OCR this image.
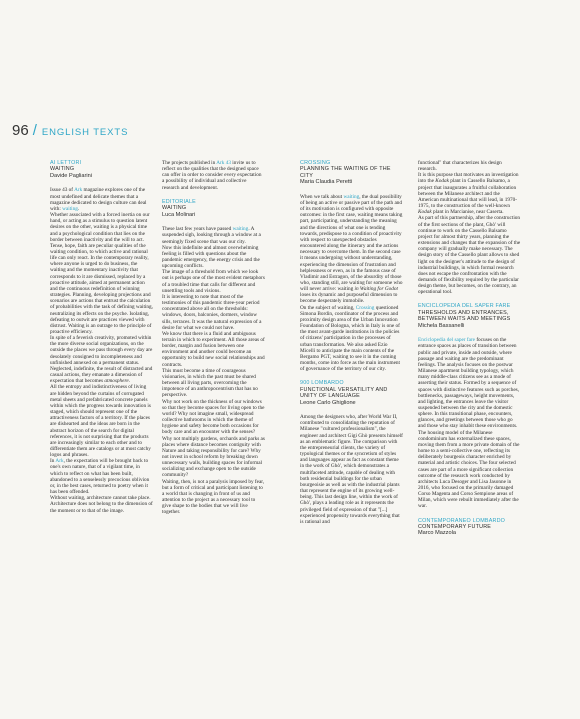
96 / ENGLISH TEXTS
AI LETTORI
WAITING
Davide Pagliarini

Issue 43 of Ark magazine explores one of the most undefined and delicate themes that a magazine dedicated to design culture can deal with: waiting.

Whether associated with a forced inertia on our hand, or acting as a stimulus to question latent desires on the other, waiting is a physical time and a psychological condition that lies on the border between inactivity and the will to act.

Tense, hope, faith are peculiar qualities of the waiting condition, to which active and rational life can only react. In the contemporary reality, where anyone is urged to do business, the waiting and the momentary inactivity that corresponds to it are dismissed, replaced by a proactive attitude, aimed at permanent action and the continuous redefinition of winning strategies. Planning, developing projections and scenarios are actions that entrust the calculation of probabilities with the task of defining waiting, neutralizing its effects on the psyche. Isolating, defeating to outwit are practices viewed with distrust. Waiting is an outrage to the principle of proactive efficiency.

In spite of a feverish creativity, promoted within the more diverse social organizations, on the outside the places we pass through every day are desolately consigned to incompleteness and unfinished annexed on a permanent status. Neglected, indefinite, the result of distracted and casual actions, they emanate a dimension of expectation that becomes atmosphere.

All the entropy and indistinctiveness of living are hidden beyond the curtains of corrugated metal sheets and prefabricated concrete panels within which the progress towards innovation is staged, which should represent one of the attractiveness factors of a territory. If the places are dishearted and the ideas are born in the abstract horizon of the search for digital references, it is not surprising that the products are increasingly similar to each other and to differentiate them are catalogs or at most catchy logos and phrases.

In Ark, the expectation will be brought back to one's own nature, that of a vigilant time, in which to reflect on what has been built, abandoned to a senselessly precocious oblivion or, in the best cases, returned to poetry when it has been offended.

Without waiting, architecture cannot take place. Architecture does not belong to the dimension of the moment or to that of the image.

The projects published in Ark 43 invite us to reflect on the qualities that the designed space can offer in order to consider every expectation a possibility of individual and collective research and development.

EDITORIALE
WAITING
Luca Molinari

These last few years have passed waiting. A suspended sigh, looking through a window at a seemingly fixed scene that was our city.

Now this indefinite and almost overwhelming feeling is filled with questions about the pandemic emergency, the energy crisis and the upcoming conflicts.

The image of a threshold from which we look out is perhaps one of the most evident metaphors of a troubled time that calls for different and unsettling tools and visions.

It is interesting to note that most of the testimonies of this pandemic three-year period concentrated above all on the thresholds: windows, doors, balconies, dormers, window sills, terraces. It was the natural expression of a desire for what we could not have.

We know that there is a fluid and ambiguous terrain in which to experiment. All those areas of border, margin and fusion between one environment and another could become an opportunity to build new social relationships and contracts.

This must become a time of courageous visionaries, in which the past must be shared between all living parts, overcoming the impotence of an anthropocentrism that has no perspective.

Why not work on the thickness of our windows so that they become spaces for living open to the world? Why not imagine small, widespread collective bathrooms in which the theme of hygiene and safety become both occasions for body care and an encounter with the senses? Why not multiply gardens, orchards and parks as places where distance becomes contiguity with

Nature and taking responsibility for care? Why not invest in school reform by breaking down unnecessary walls, building spaces for informal socializing and exchange open to the outside community?

Waiting, then, is not a paralysis imposed by fear, but a form of critical and participant listening to a world that is changing in front of us and attention to the project as a necessary tool to give shape to the bodies that we will live together.

CROSSING
PLANNING THE WAITING OF THE CITY
Maria Claudia Peretti

When we talk about waiting, the dual possibility of being an active or passive part of the path and of its motivation is configured with opposite outcomes: in the first case, waiting means taking part, participating, understanding the meaning and the directions of what one is tending towards, predispose to a condition of proactivity with respect to unexpected obstacles encountered along the itinerary and the actions necessary to overcome them. In the second case it means undergoing without understanding, experiencing the dimension of frustration and helplessness or even, as in the famous case of Vladimir and Estragon, of the absurdity of those who, standing still, are waiting for someone who will never arrive: waiting in Waiting for Godot loses its dynamic and purposeful dimension to become desperately immobile.

On the subject of waiting, Crossing questioned Simona Bordin, coordinator of the process and proximity design area of the Urban Innovation Foundation of Bologna, which in Italy is one of the most avant-garde institutions in the policies of citizens' participation in the processes of urban transformation. We also asked Ezio Micelli to anticipate the main contents of the Bergamo PGT, waiting to see it in the coming months, come into force as the main instrument of governance of the territory of our city.

900 LOMBARDO
FUNCTIONAL VERSATILITY AND UNITY OF LANGUAGE
Leone Carlo Ghiglione

Among the designers who, after World War II, contributed to consolidating the reputation of Milanese "cultured professionalism", the engineer and architect Gigi Ghò presents himself as an emblematic figure. The comparison with the entrepreneurial clients, the variety of typological themes or the syncretism of styles and languages appear as fact as constant theme in the work of Ghò', which demonstrates a multifaceted attitude, capable of dealing with both residential buildings for the urban bourgeoisie as well as with the industrial plants that represent the engine of its growing well-being. This last design line, within the work of Ghò', plays a leading role as it represents the privileged field of expression of that "[...] experienced propensity towards everything that is rational and

functional" that characterizes his design research.

It is this purpose that motivates an investigation into the Kodak plant in Cassello Balsamo, a project that inaugurates a fruitful collaboration between the Milanese architect and the American multinational that will lead, in 1970-1975, to the construction of the well-known Kodak plant in Marcianise, near Caserta.

As part of this partnership, after the construction of the first sections of the plant, Ghò' will continue to work on the Cassello Balsamo project for almost thirty years, planning the extensions and changes that the expansion of the company will gradually make necessary. The design story of the Cassello plant allows to shed light on the designer's attitude to the design of industrial buildings, in which formal research does not escape the confrontation with the demands of flexibility required by the particular design theme, but becomes, on the contrary, an operational tool.

ENCICLOPEDIA DEL SAPER FARE
THRESHOLDS AND ENTRANCES, BETWEEN WAITS AND MEETINGS
Michela Bassanelli

Enciclopedia del saper fare focuses on the entrance spaces as places of transition between public and private, inside and outside, where passage and waiting are the predominant feelings. The analysis focuses on the postwar Milanese apartment building typology, which many middle-class citizens see as a mode of asserting their status. Formed by a sequence of spaces with distinctive features such as porches, bottlenecks, passageways, height movements, and lighting, the entrances leave the visitor suspended between the city and the domestic sphere. In this transitional phase, encounters, glances, and greetings between those who go and those who stay inhabit these environments. The housing model of the Milanese condominium has externalized these spaces, moving them from a more private domain of the home to a semi-collective one, reflecting its deliberately bourgeois character enriched by material and artistic choices. The four selected cases are part of a more significant collection outcome of the research work conducted by architects Luca Desoger and Lisa Jasonne in 2016, who focused on the primarily damaged Corso Magenta and Corso Sempione areas of Milan, which were rebuilt immediately after the war.

CONTEMPORANEO LOMBARDO
CONTEMPORARY FUTURE
Marco Mazzola
